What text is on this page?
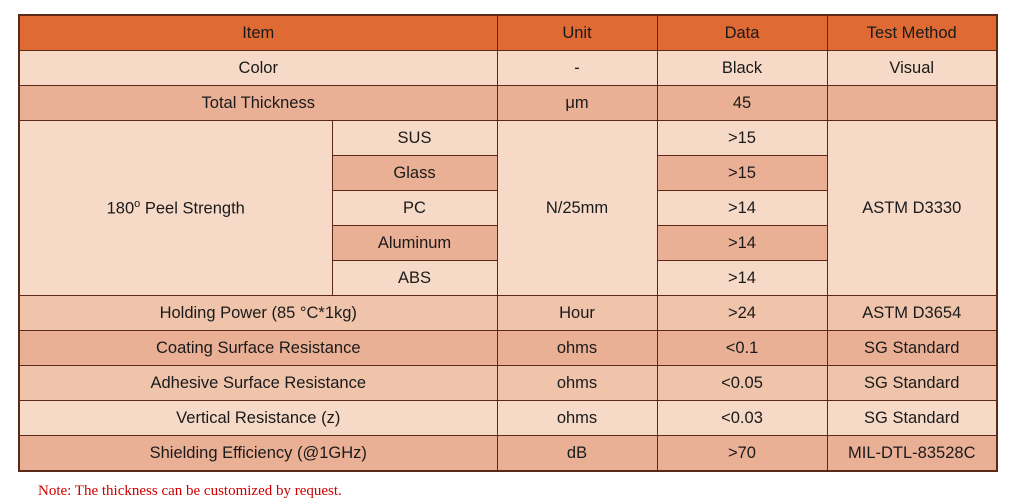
Item		Unit	Data	Test Method
Color		-	Black	Visual
Total Thickness		μm	45	
180$^o$ Peel Strength	SUS	N/25mm	>15	ASTM D3330
	Glass		>15	
	PC		>14	
	Aluminum		>14	
	ABS		>14	
Holding Power (85 °C*1kg)		Hour	>24	ASTM D3654
Coating Surface Resistance		ohms	<0.1	SG Standard
Adhesive Surface Resistance		ohms	<0.05	SG Standard
Vertical Resistance (z)		ohms	<0.03	SG Standard
Shielding Efficiency (@1GHz)		dB	>70	MIL-DTL-83528C
Note: The thickness can be customized by request.
